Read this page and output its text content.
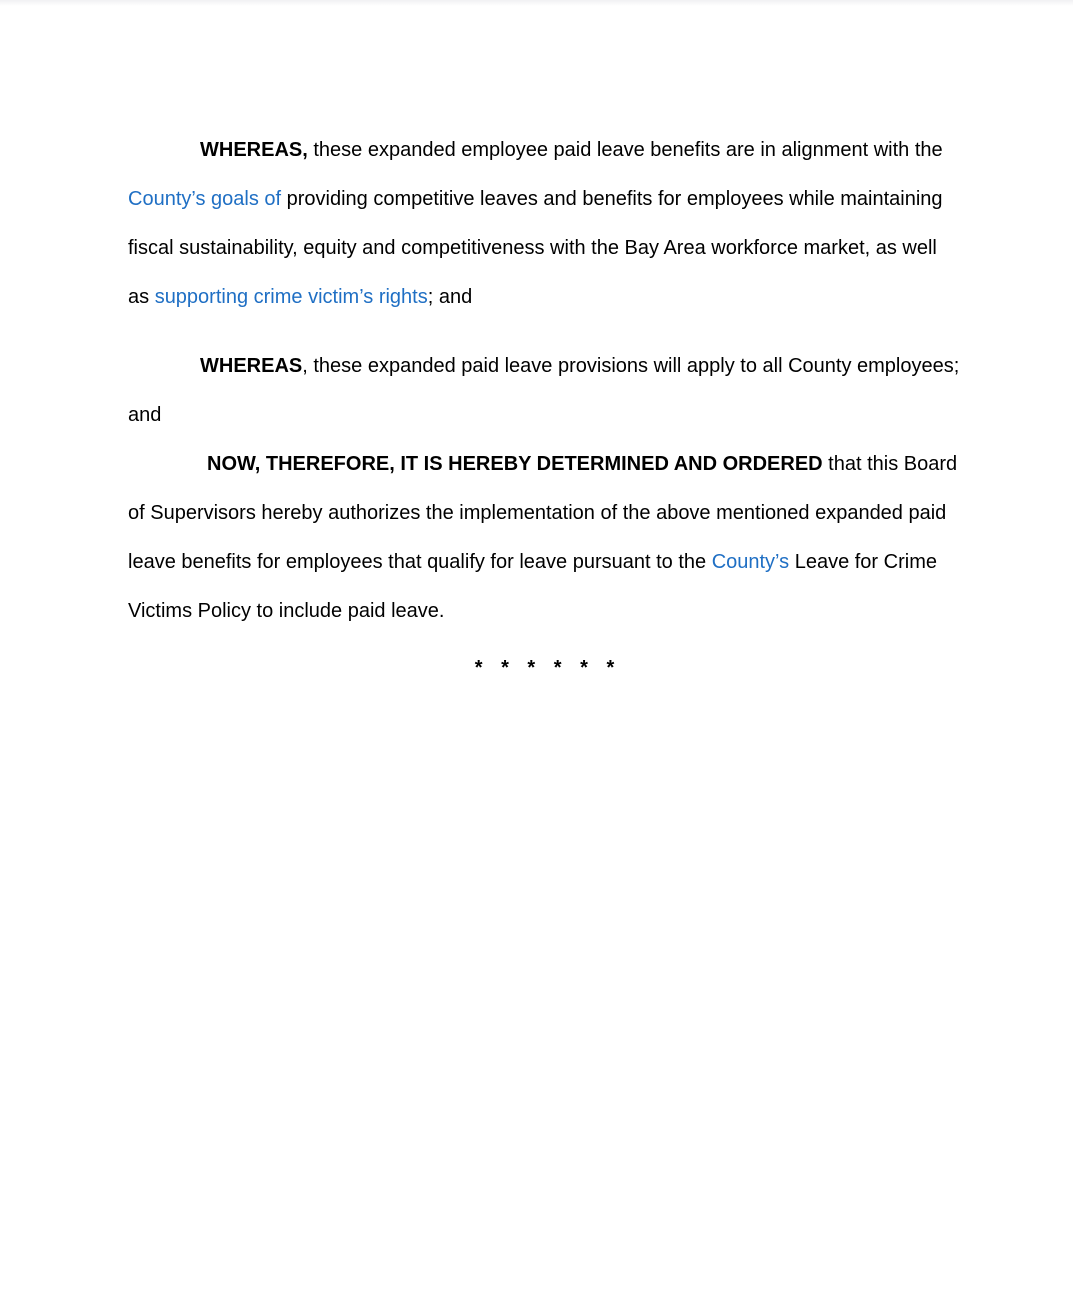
WHEREAS, these expanded employee paid leave benefits are in alignment with the County’s goals of providing competitive leaves and benefits for employees while maintaining fiscal sustainability, equity and competitiveness with the Bay Area workforce market, as well as supporting crime victim’s rights; and

WHEREAS, these expanded paid leave provisions will apply to all County employees; and

NOW, THEREFORE, IT IS HEREBY DETERMINED AND ORDERED that this Board of Supervisors hereby authorizes the implementation of the above mentioned expanded paid leave benefits for employees that qualify for leave pursuant to the County’s Leave for Crime Victims Policy to include paid leave.

* * * * * *
